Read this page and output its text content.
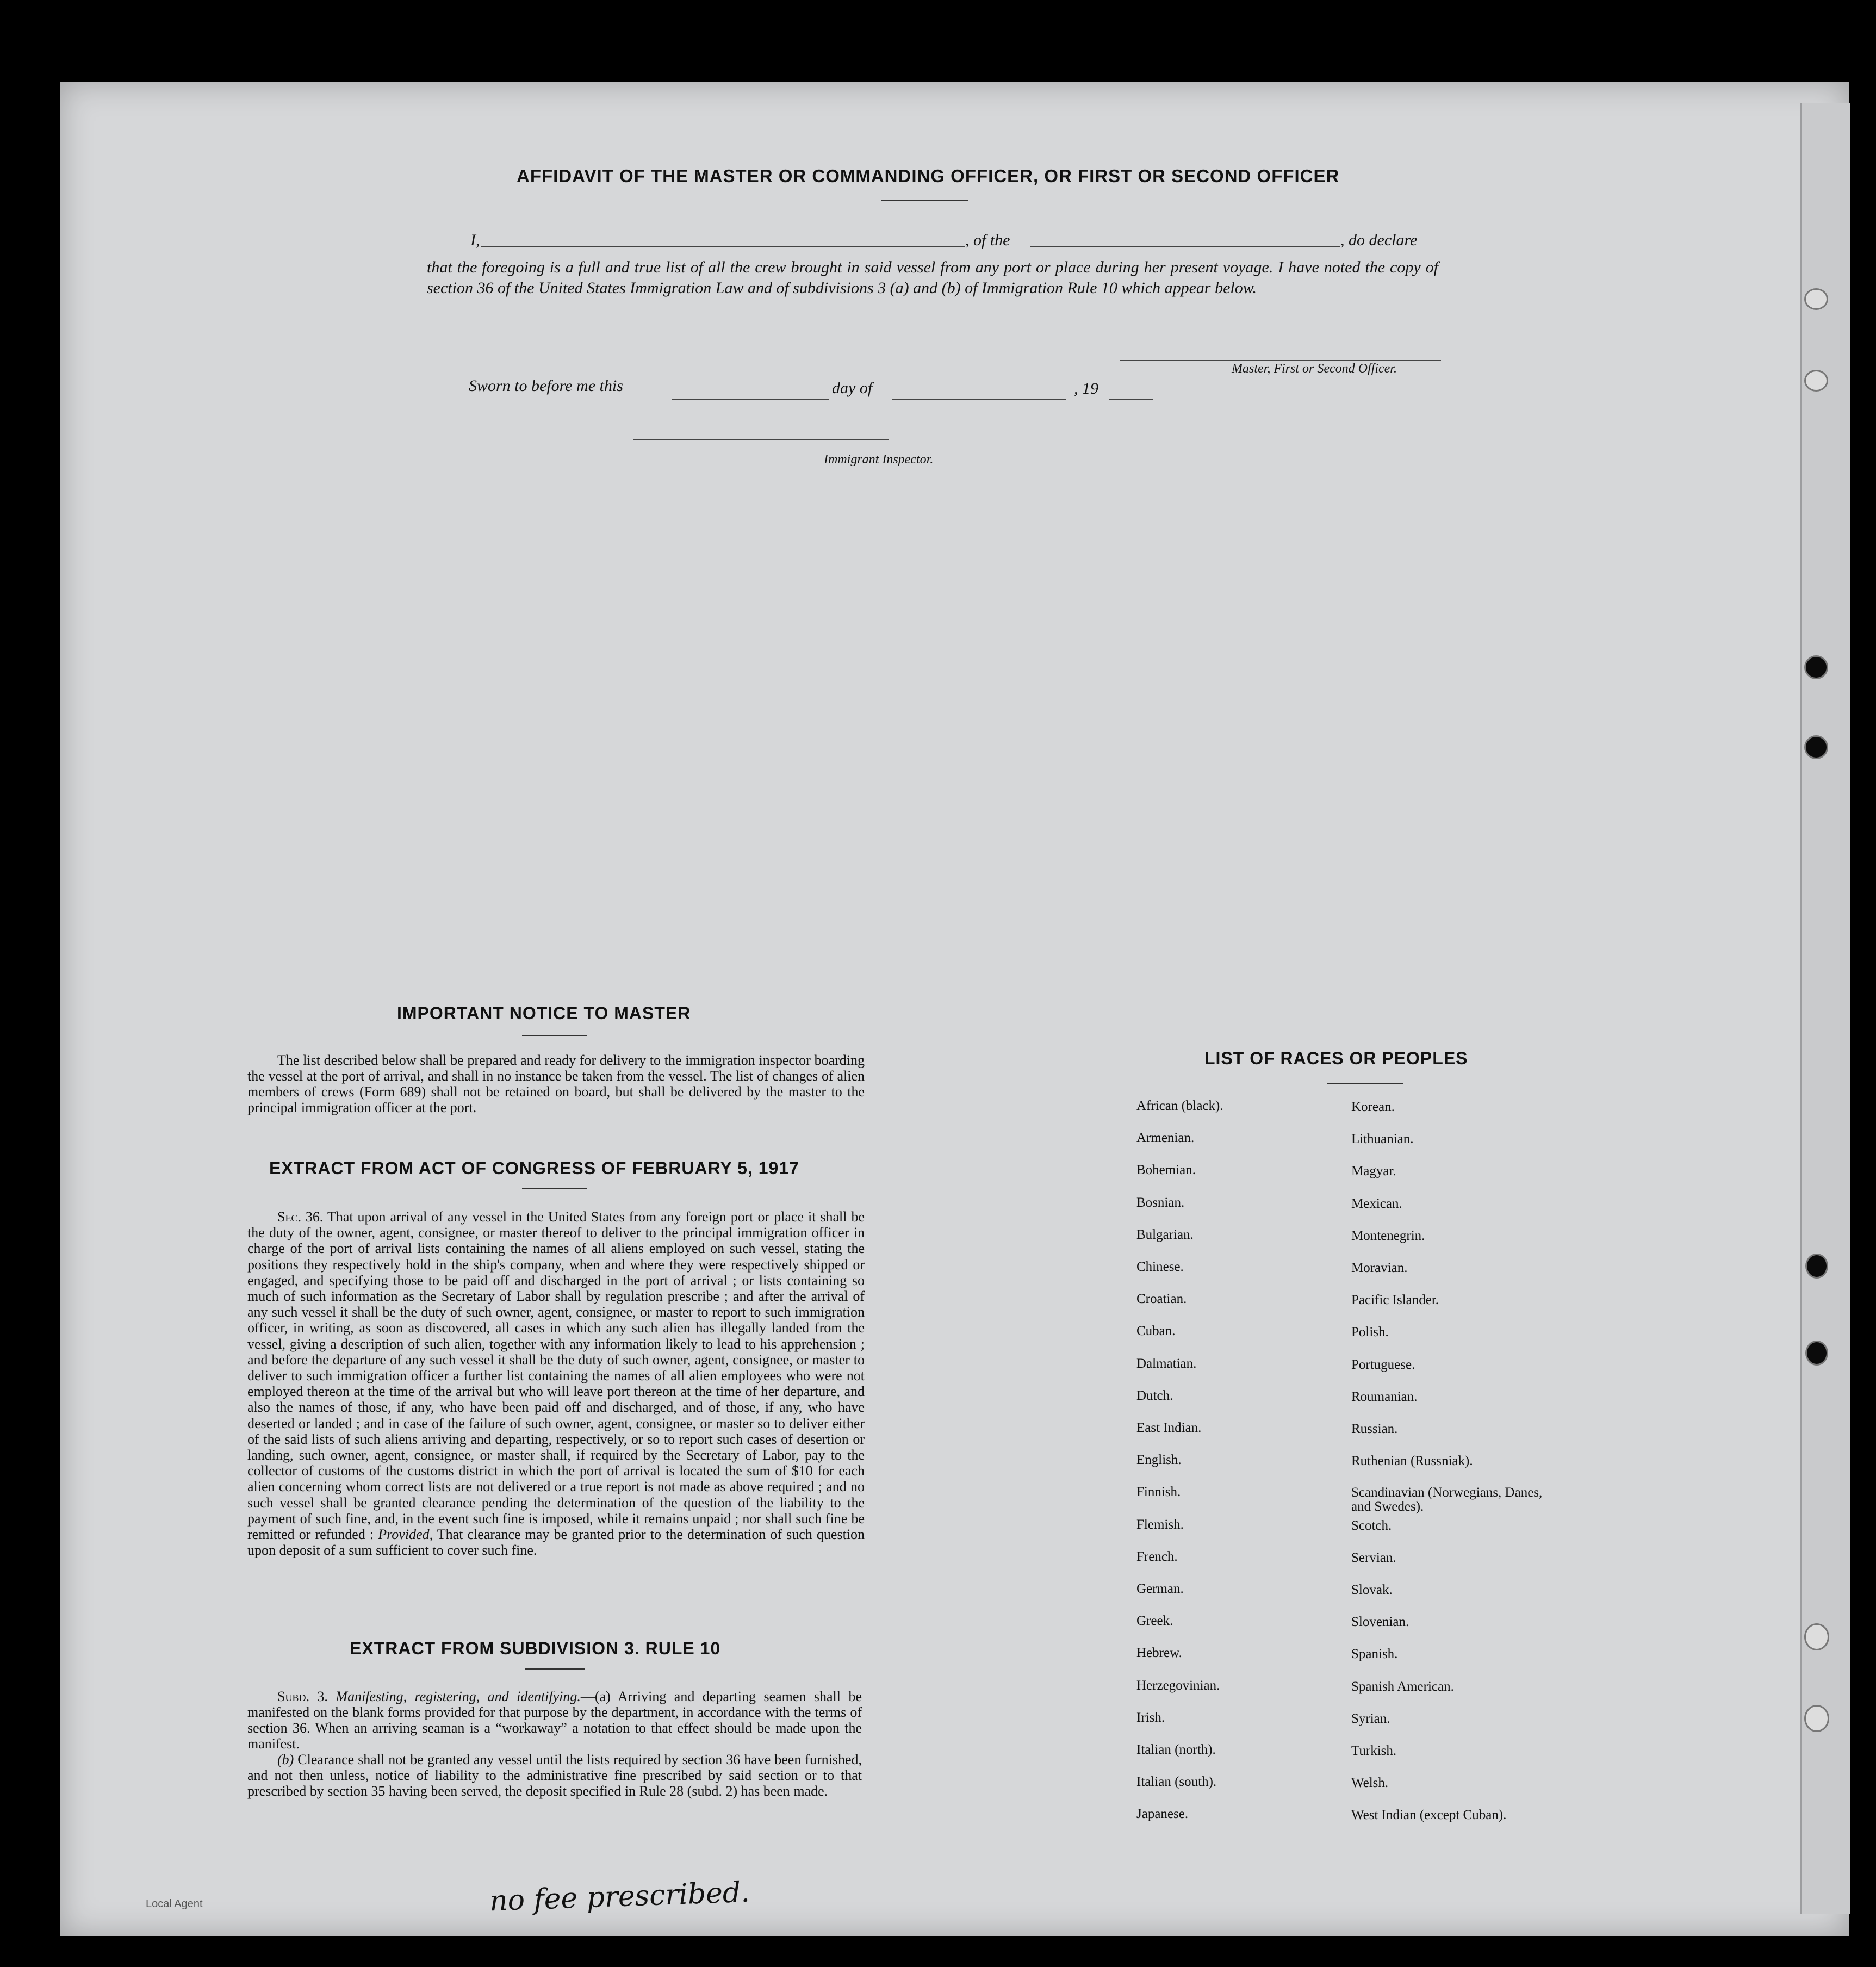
AFFIDAVIT OF THE MASTER OR COMMANDING OFFICER, OR FIRST OR SECOND OFFICER
I,	, of the	, do declare
that the foregoing is a full and true list of all the crew brought in said vessel from any port or place during her present voyage. I have noted the copy of section 36 of the United States Immigration Law and of subdivisions 3 (a) and (b) of Immigration Rule 10 which appear below.
Master, First or Second Officer.
Sworn to before me this	day of	, 19
Immigrant Inspector.
IMPORTANT NOTICE TO MASTER
The list described below shall be prepared and ready for delivery to the immigration inspector boarding the vessel at the port of arrival, and shall in no instance be taken from the vessel. The list of changes of alien members of crews (Form 689) shall not be retained on board, but shall be delivered by the master to the principal immigration officer at the port.
EXTRACT FROM ACT OF CONGRESS OF FEBRUARY 5, 1917
Sec. 36. That upon arrival of any vessel in the United States from any foreign port or place it shall be the duty of the owner, agent, consignee, or master thereof to deliver to the principal immigration officer in charge of the port of arrival lists containing the names of all aliens employed on such vessel, stating the positions they respectively hold in the ship's company, when and where they were respectively shipped or engaged, and specifying those to be paid off and discharged in the port of arrival ; or lists containing so much of such information as the Secretary of Labor shall by regulation prescribe ; and after the arrival of any such vessel it shall be the duty of such owner, agent, consignee, or master to report to such immigration officer, in writing, as soon as discovered, all cases in which any such alien has illegally landed from the vessel, giving a description of such alien, together with any information likely to lead to his apprehension ; and before the departure of any such vessel it shall be the duty of such owner, agent, consignee, or master to deliver to such immigration officer a further list containing the names of all alien employees who were not employed thereon at the time of the arrival but who will leave port thereon at the time of her departure, and also the names of those, if any, who have been paid off and discharged, and of those, if any, who have deserted or landed ; and in case of the failure of such owner, agent, consignee, or master so to deliver either of the said lists of such aliens arriving and departing, respectively, or so to report such cases of desertion or landing, such owner, agent, consignee, or master shall, if required by the Secretary of Labor, pay to the collector of customs of the customs district in which the port of arrival is located the sum of $10 for each alien concerning whom correct lists are not delivered or a true report is not made as above required ; and no such vessel shall be granted clearance pending the determination of the question of the liability to the payment of such fine, and, in the event such fine is imposed, while it remains unpaid ; nor shall such fine be remitted or refunded : Provided, That clearance may be granted prior to the determination of such question upon deposit of a sum sufficient to cover such fine.
EXTRACT FROM SUBDIVISION 3. RULE 10
Subd. 3. Manifesting, registering, and identifying.—(a) Arriving and departing seamen shall be manifested on the blank forms provided for that purpose by the department, in accordance with the terms of section 36. When an arriving seaman is a “workaway” a notation to that effect should be made upon the manifest.
(b) Clearance shall not be granted any vessel until the lists required by section 36 have been furnished, and not then unless, notice of liability to the administrative fine prescribed by said section or to that prescribed by section 35 having been served, the deposit specified in Rule 28 (subd. 2) has been made.
LIST OF RACES OR PEOPLES
African (black).
Armenian.
Bohemian.
Bosnian.
Bulgarian.
Chinese.
Croatian.
Cuban.
Dalmatian.
Dutch.
East Indian.
English.
Finnish.
Flemish.
French.
German.
Greek.
Hebrew.
Herzegovinian.
Irish.
Italian (north).
Italian (south).
Japanese.
Korean.
Lithuanian.
Magyar.
Mexican.
Montenegrin.
Moravian.
Pacific Islander.
Polish.
Portuguese.
Roumanian.
Russian.
Ruthenian (Russniak).
Scandinavian (Norwegians, Danes, and Swedes).
Scotch.
Servian.
Slovak.
Slovenian.
Spanish.
Spanish American.
Syrian.
Turkish.
Welsh.
West Indian (except Cuban).
Local Agent	no fee prescribed.
